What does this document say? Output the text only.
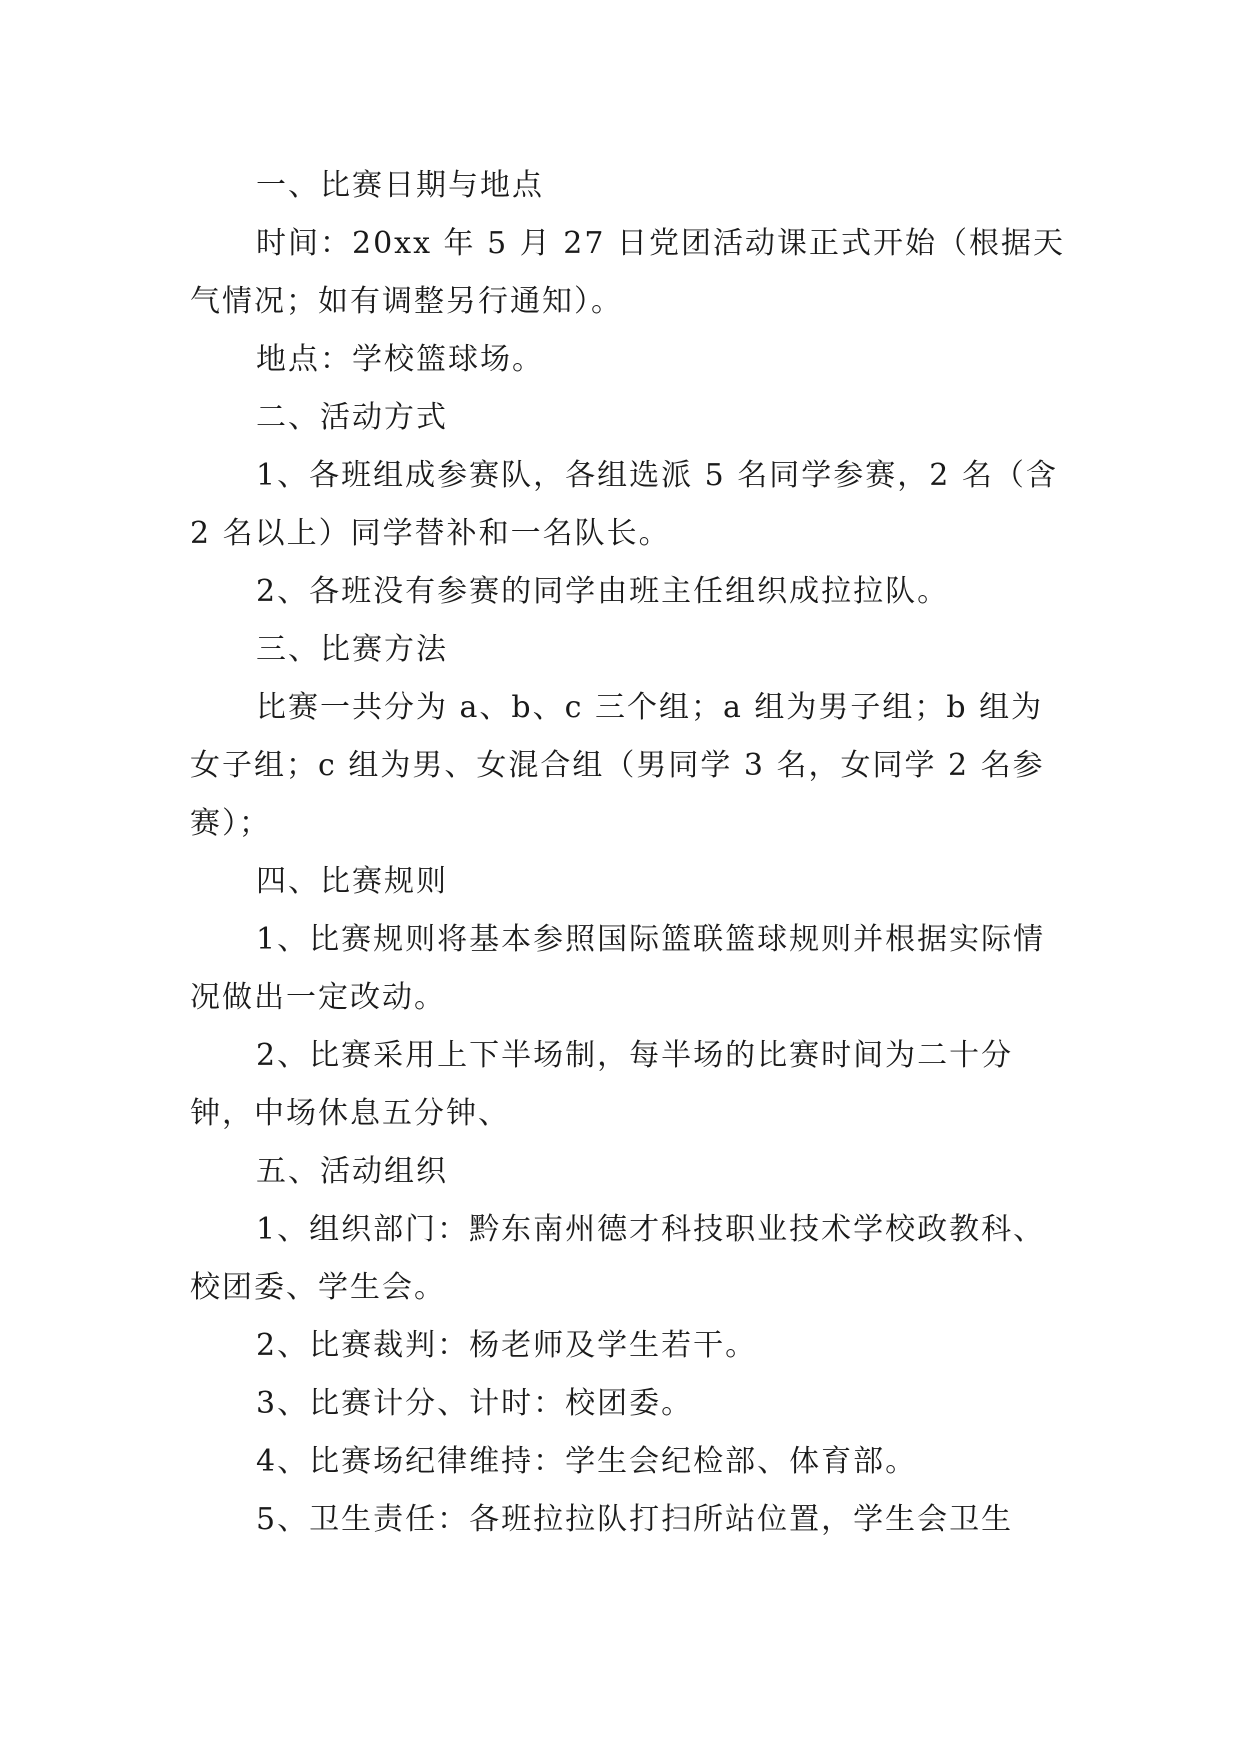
一、比赛日期与地点

时间：20xx 年 5 月 27 日党团活动课正式开始（根据天气情况；如有调整另行通知）。

地点：学校篮球场。

二、活动方式

1、各班组成参赛队，各组选派 5 名同学参赛，2 名（含 2 名以上）同学替补和一名队长。

2、各班没有参赛的同学由班主任组织成拉拉队。

三、比赛方法

比赛一共分为 a、b、c 三个组；a 组为男子组；b 组为女子组；c 组为男、女混合组（男同学 3 名，女同学 2 名参赛）；

四、比赛规则

1、比赛规则将基本参照国际篮联篮球规则并根据实际情况做出一定改动。

2、比赛采用上下半场制，每半场的比赛时间为二十分钟，中场休息五分钟、

五、活动组织

1、组织部门：黔东南州德才科技职业技术学校政教科、校团委、学生会。

2、比赛裁判：杨老师及学生若干。

3、比赛计分、计时：校团委。

4、比赛场纪律维持：学生会纪检部、体育部。

5、卫生责任：各班拉拉队打扫所站位置，学生会卫生
